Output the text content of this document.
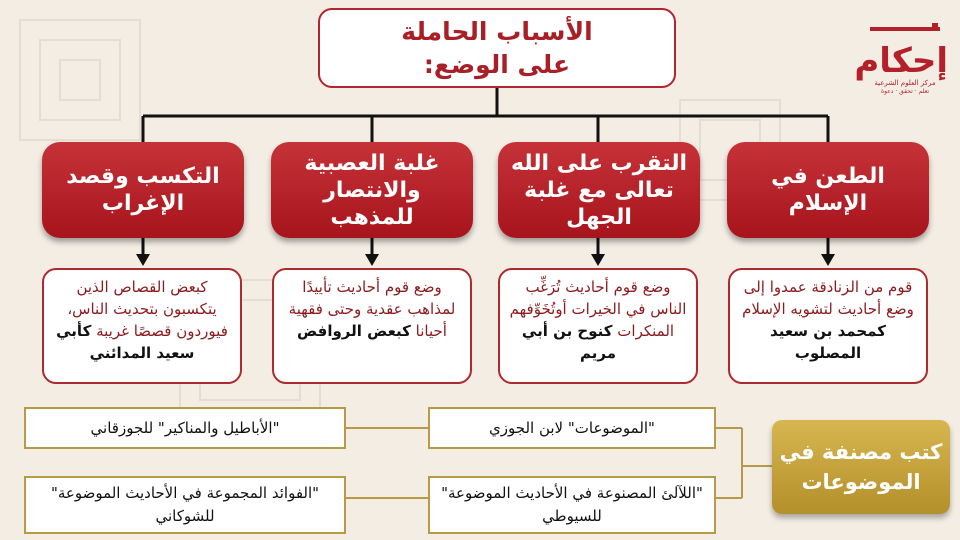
الأسباب الحاملة
على الوضع:
الطعن في الإسلام
التقرب على الله تعالى مع غلبة الجهل
غلبة العصبية والانتصار للمذهب
التكسب وقصد الإغراب
قوم من الزنادقة عمدوا إلى وضع أحاديث لتشويه الإسلام كمحمد بن سعيد المصلوب
وضع قوم أحاديث تُرَغِّب الناس في الخيرات أوتُخَوِّفهم المنكرات كنوح بن أبي مريم
وضع قوم أحاديث تأييدًا لمذاهب عقدية وحتى فقهية أحيانا كبعض الروافض
كبعض القصاص الذين يتكسبون بتحديث الناس، فيوردون قصصًا غريبة كأبي سعيد المدائني
"الموضوعات" لابن الجوزي
"الأباطيل والمناكير" للجوزقاني
"اللآلئ المصنوعة في الأحاديث الموضوعة" للسيوطي
"الفوائد المجموعة في الأحاديث الموضوعة" للشوكاني
كتب مصنفة في الموضوعات
إحكام
مركز العلوم الشرعية
تعلم · تحقق · دعوة
